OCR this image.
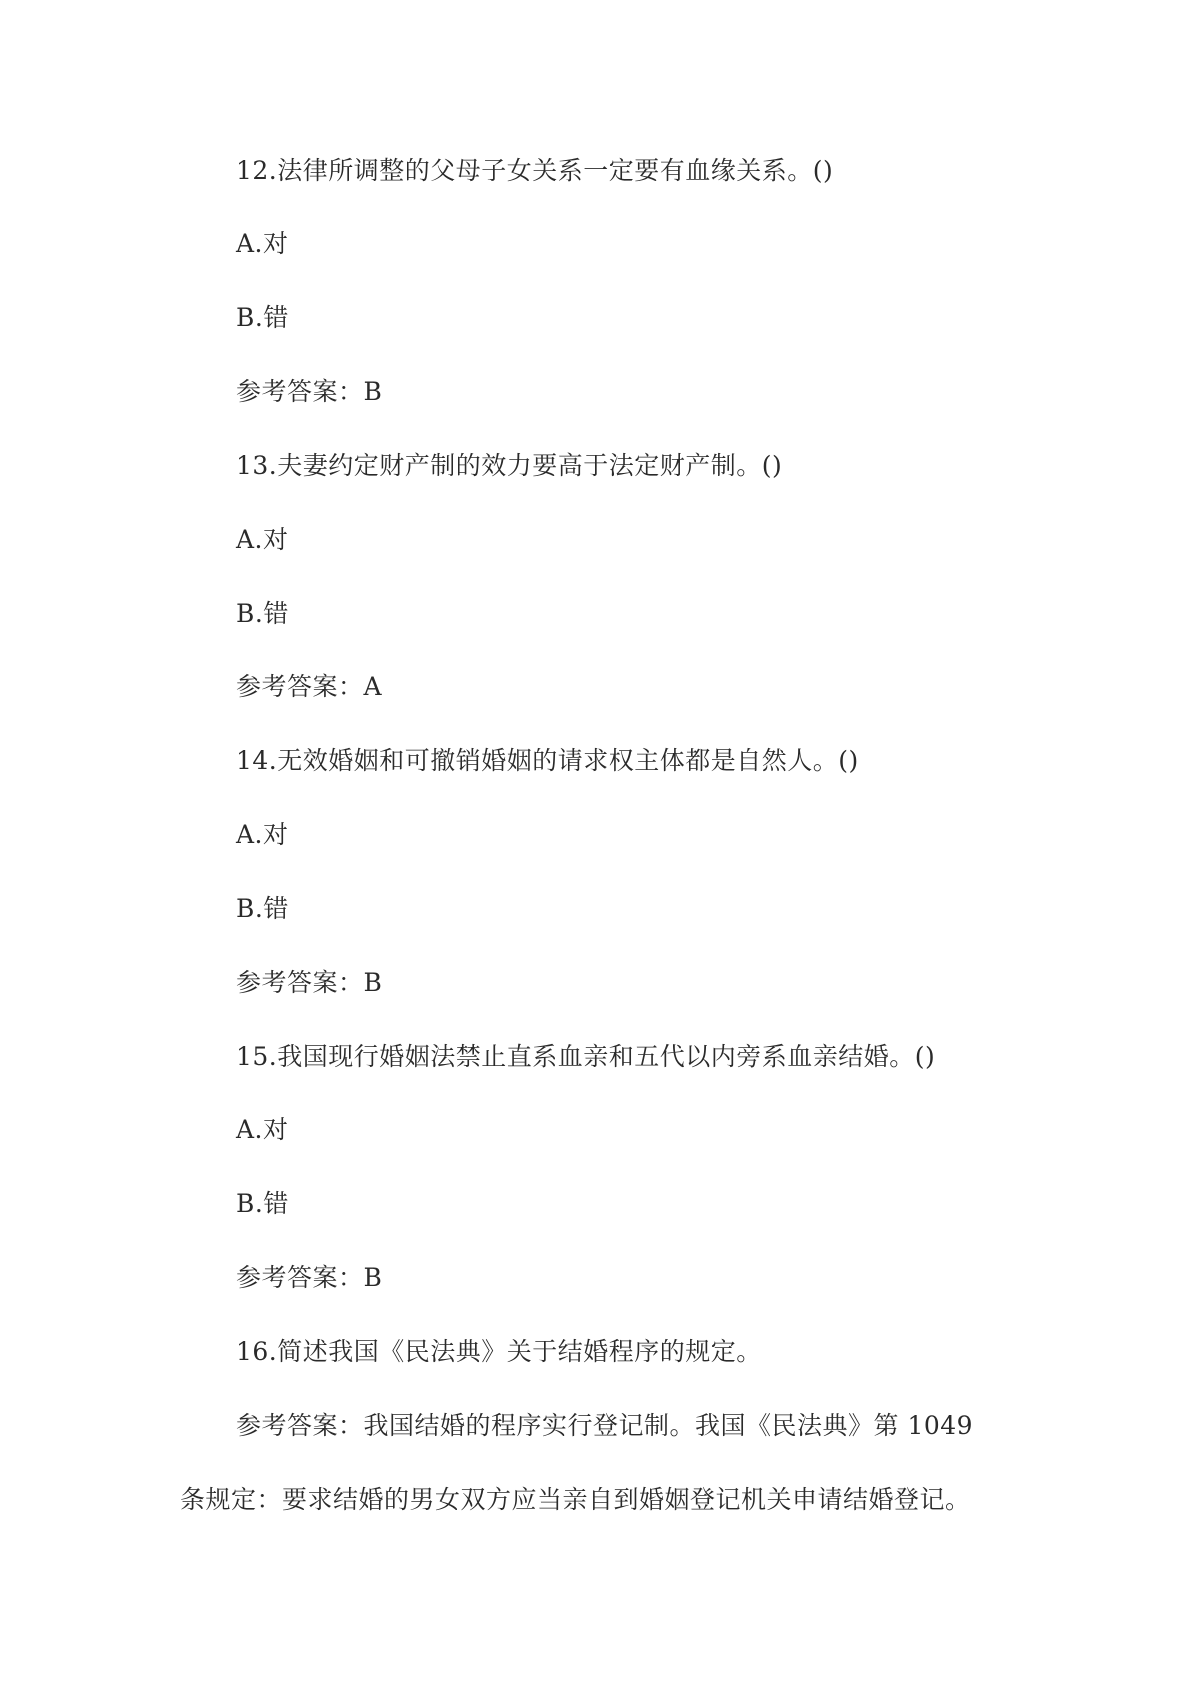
12.法律所调整的父母子女关系一定要有血缘关系。()
A.对
B.错
参考答案：B
13.夫妻约定财产制的效力要高于法定财产制。()
A.对
B.错
参考答案：A
14.无效婚姻和可撤销婚姻的请求权主体都是自然人。()
A.对
B.错
参考答案：B
15.我国现行婚姻法禁止直系血亲和五代以内旁系血亲结婚。()
A.对
B.错
参考答案：B
16.简述我国《民法典》关于结婚程序的规定。
参考答案：我国结婚的程序实行登记制。我国《民法典》第 1049
条规定：要求结婚的男女双方应当亲自到婚姻登记机关申请结婚登记。
